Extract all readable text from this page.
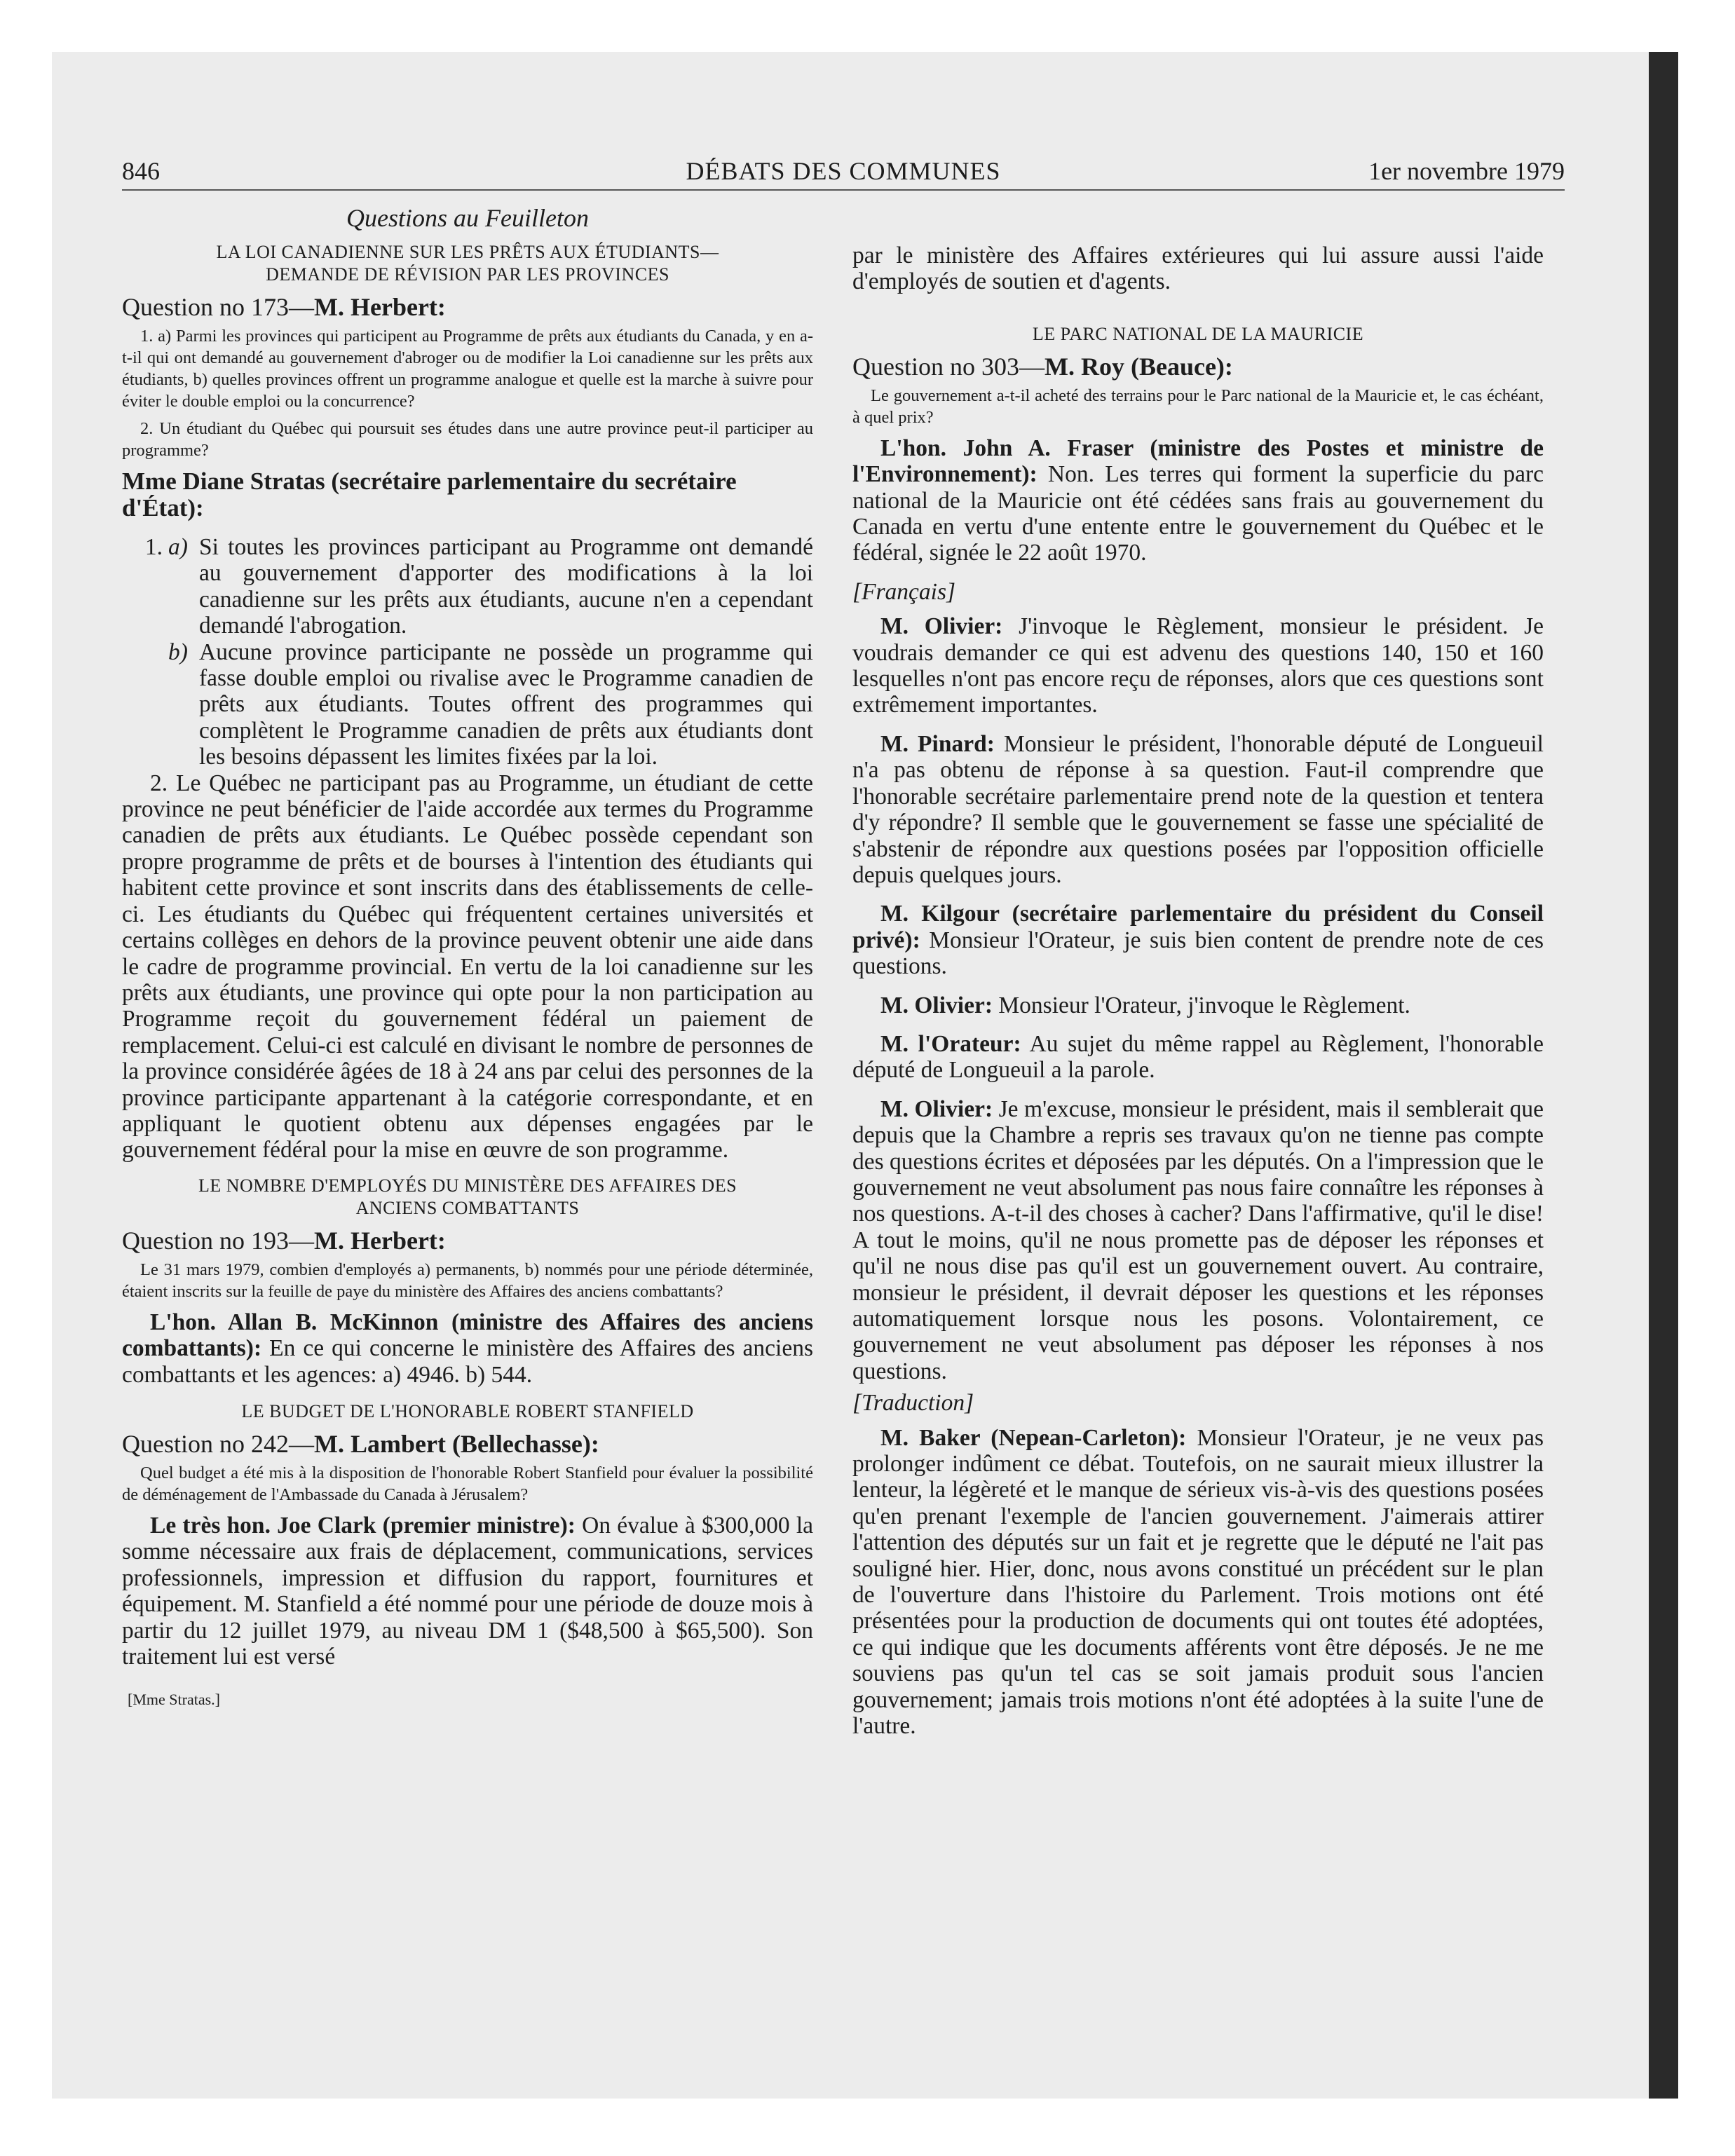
846	DÉBATS DES COMMUNES	1er novembre 1979

Questions au Feuilleton

LA LOI CANADIENNE SUR LES PRÊTS AUX ÉTUDIANTS—
DEMANDE DE RÉVISION PAR LES PROVINCES

Question no 173—M. Herbert:

1. a) Parmi les provinces qui participent au Programme de prêts aux étudiants du Canada, y en a-t-il qui ont demandé au gouvernement d'abroger ou de modifier la Loi canadienne sur les prêts aux étudiants, b) quelles provinces offrent un programme analogue et quelle est la marche à suivre pour éviter le double emploi ou la concurrence?

2. Un étudiant du Québec qui poursuit ses études dans une autre province peut-il participer au programme?

Mme Diane Stratas (secrétaire parlementaire du secrétaire d'État):

1. a) Si toutes les provinces participant au Programme ont demandé au gouvernement d'apporter des modifications à la loi canadienne sur les prêts aux étudiants, aucune n'en a cependant demandé l'abrogation.
b) Aucune province participante ne possède un programme qui fasse double emploi ou rivalise avec le Programme canadien de prêts aux étudiants. Toutes offrent des programmes qui complètent le Programme canadien de prêts aux étudiants dont les besoins dépassent les limites fixées par la loi.

2. Le Québec ne participant pas au Programme, un étudiant de cette province ne peut bénéficier de l'aide accordée aux termes du Programme canadien de prêts aux étudiants. Le Québec possède cependant son propre programme de prêts et de bourses à l'intention des étudiants qui habitent cette province et sont inscrits dans des établissements de celle-ci. Les étudiants du Québec qui fréquentent certaines universités et certains collèges en dehors de la province peuvent obtenir une aide dans le cadre de programme provincial. En vertu de la loi canadienne sur les prêts aux étudiants, une province qui opte pour la non participation au Programme reçoit du gouvernement fédéral un paiement de remplacement. Celui-ci est calculé en divisant le nombre de personnes de la province considérée âgées de 18 à 24 ans par celui des personnes de la province participante appartenant à la catégorie correspondante, et en appliquant le quotient obtenu aux dépenses engagées par le gouvernement fédéral pour la mise en œuvre de son programme.

LE NOMBRE D'EMPLOYÉS DU MINISTÈRE DES AFFAIRES DES
ANCIENS COMBATTANTS

Question no 193—M. Herbert:

Le 31 mars 1979, combien d'employés a) permanents, b) nommés pour une période déterminée, étaient inscrits sur la feuille de paye du ministère des Affaires des anciens combattants?

L'hon. Allan B. McKinnon (ministre des Affaires des anciens combattants): En ce qui concerne le ministère des Affaires des anciens combattants et les agences: a) 4946. b) 544.

LE BUDGET DE L'HONORABLE ROBERT STANFIELD

Question no 242—M. Lambert (Bellechasse):

Quel budget a été mis à la disposition de l'honorable Robert Stanfield pour évaluer la possibilité de déménagement de l'Ambassade du Canada à Jérusalem?

Le très hon. Joe Clark (premier ministre): On évalue à $300,000 la somme nécessaire aux frais de déplacement, communications, services professionnels, impression et diffusion du rapport, fournitures et équipement. M. Stanfield a été nommé pour une période de douze mois à partir du 12 juillet 1979, au niveau DM 1 ($48,500 à $65,500). Son traitement lui est versé

[Mme Stratas.]

par le ministère des Affaires extérieures qui lui assure aussi l'aide d'employés de soutien et d'agents.

LE PARC NATIONAL DE LA MAURICIE

Question no 303—M. Roy (Beauce):

Le gouvernement a-t-il acheté des terrains pour le Parc national de la Mauricie et, le cas échéant, à quel prix?

L'hon. John A. Fraser (ministre des Postes et ministre de l'Environnement): Non. Les terres qui forment la superficie du parc national de la Mauricie ont été cédées sans frais au gouvernement du Canada en vertu d'une entente entre le gouvernement du Québec et le fédéral, signée le 22 août 1970.

[Français]

M. Olivier: J'invoque le Règlement, monsieur le président. Je voudrais demander ce qui est advenu des questions 140, 150 et 160 lesquelles n'ont pas encore reçu de réponses, alors que ces questions sont extrêmement importantes.

M. Pinard: Monsieur le président, l'honorable député de Longueuil n'a pas obtenu de réponse à sa question. Faut-il comprendre que l'honorable secrétaire parlementaire prend note de la question et tentera d'y répondre? Il semble que le gouvernement se fasse une spécialité de s'abstenir de répondre aux questions posées par l'opposition officielle depuis quelques jours.

M. Kilgour (secrétaire parlementaire du président du Conseil privé): Monsieur l'Orateur, je suis bien content de prendre note de ces questions.

M. Olivier: Monsieur l'Orateur, j'invoque le Règlement.

M. l'Orateur: Au sujet du même rappel au Règlement, l'honorable député de Longueuil a la parole.

M. Olivier: Je m'excuse, monsieur le président, mais il semblerait que depuis que la Chambre a repris ses travaux qu'on ne tienne pas compte des questions écrites et déposées par les députés. On a l'impression que le gouvernement ne veut absolument pas nous faire connaître les réponses à nos questions. A-t-il des choses à cacher? Dans l'affirmative, qu'il le dise! A tout le moins, qu'il ne nous promette pas de déposer les réponses et qu'il ne nous dise pas qu'il est un gouvernement ouvert. Au contraire, monsieur le président, il devrait déposer les questions et les réponses automatiquement lorsque nous les posons. Volontairement, ce gouvernement ne veut absolument pas déposer les réponses à nos questions.

[Traduction]

M. Baker (Nepean-Carleton): Monsieur l'Orateur, je ne veux pas prolonger indûment ce débat. Toutefois, on ne saurait mieux illustrer la lenteur, la légèreté et le manque de sérieux vis-à-vis des questions posées qu'en prenant l'exemple de l'ancien gouvernement. J'aimerais attirer l'attention des députés sur un fait et je regrette que le député ne l'ait pas souligné hier. Hier, donc, nous avons constitué un précédent sur le plan de l'ouverture dans l'histoire du Parlement. Trois motions ont été présentées pour la production de documents qui ont toutes été adoptées, ce qui indique que les documents afférents vont être déposés. Je ne me souviens pas qu'un tel cas se soit jamais produit sous l'ancien gouvernement; jamais trois motions n'ont été adoptées à la suite l'une de l'autre.
